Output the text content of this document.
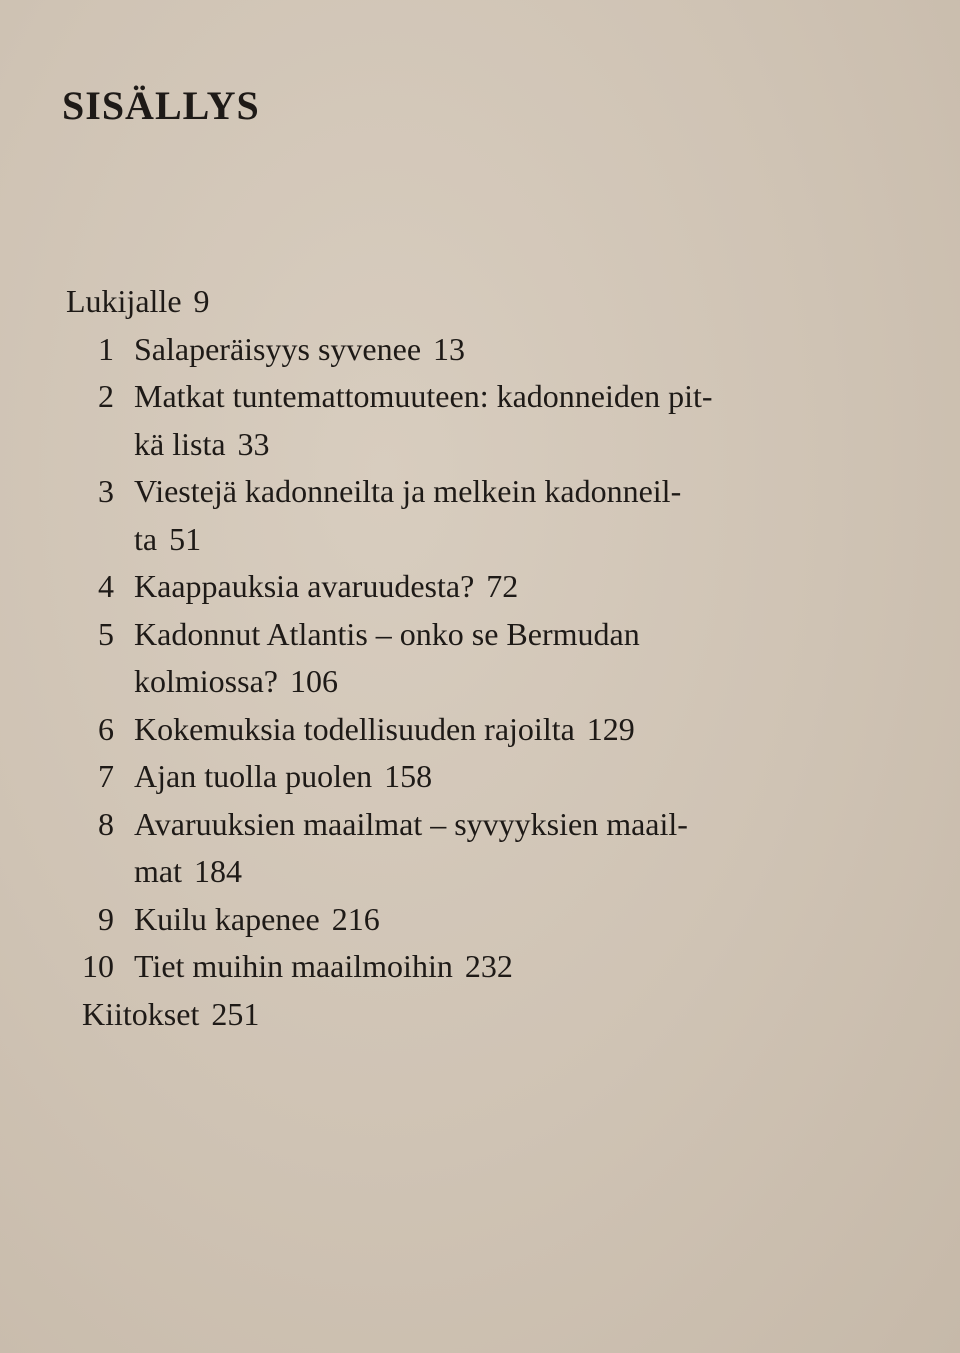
SISÄLLYS
Lukijalle 9
1 Salaperäisyys syvenee 13
2 Matkat tuntemattomuuteen: kadonneiden pit-
kä lista 33
3 Viestejä kadonneilta ja melkein kadonneil-
ta 51
4 Kaappauksia avaruudesta? 72
5 Kadonnut Atlantis – onko se Bermudan
kolmiossa? 106
6 Kokemuksia todellisuuden rajoilta 129
7 Ajan tuolla puolen 158
8 Avaruuksien maailmat – syvyyksien maail-
mat 184
9 Kuilu kapenee 216
10 Tiet muihin maailmoihin 232
Kiitokset 251
